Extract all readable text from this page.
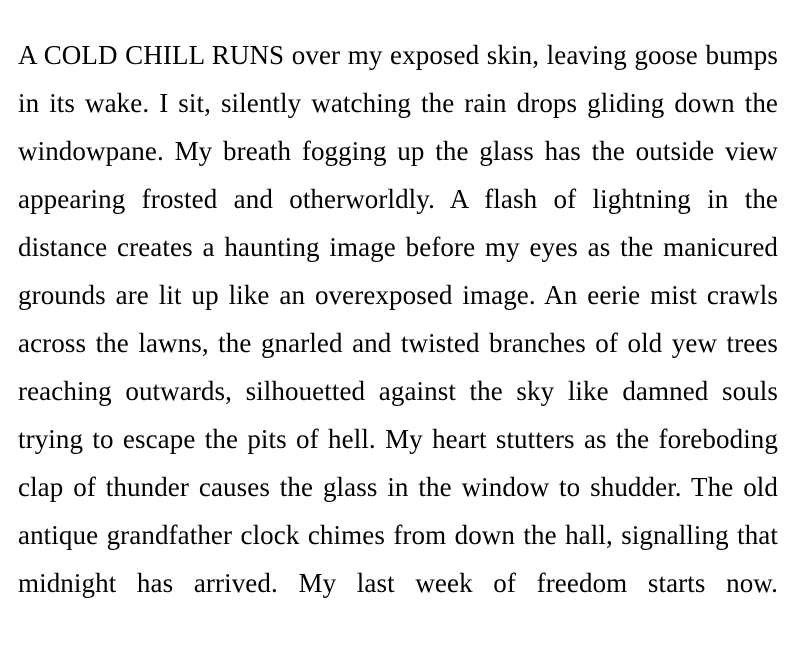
A COLD CHILL RUNS over my exposed skin, leaving goose bumps in its wake. I sit, silently watching the rain drops gliding down the windowpane. My breath fogging up the glass has the outside view appearing frosted and otherworldly. A flash of lightning in the distance creates a haunting image before my eyes as the manicured grounds are lit up like an overexposed image. An eerie mist crawls across the lawns, the gnarled and twisted branches of old yew trees reaching outwards, silhouetted against the sky like damned souls trying to escape the pits of hell. My heart stutters as the foreboding clap of thunder causes the glass in the window to shudder. The old antique grandfather clock chimes from down the hall, signalling that midnight has arrived. My last week of freedom starts now.
